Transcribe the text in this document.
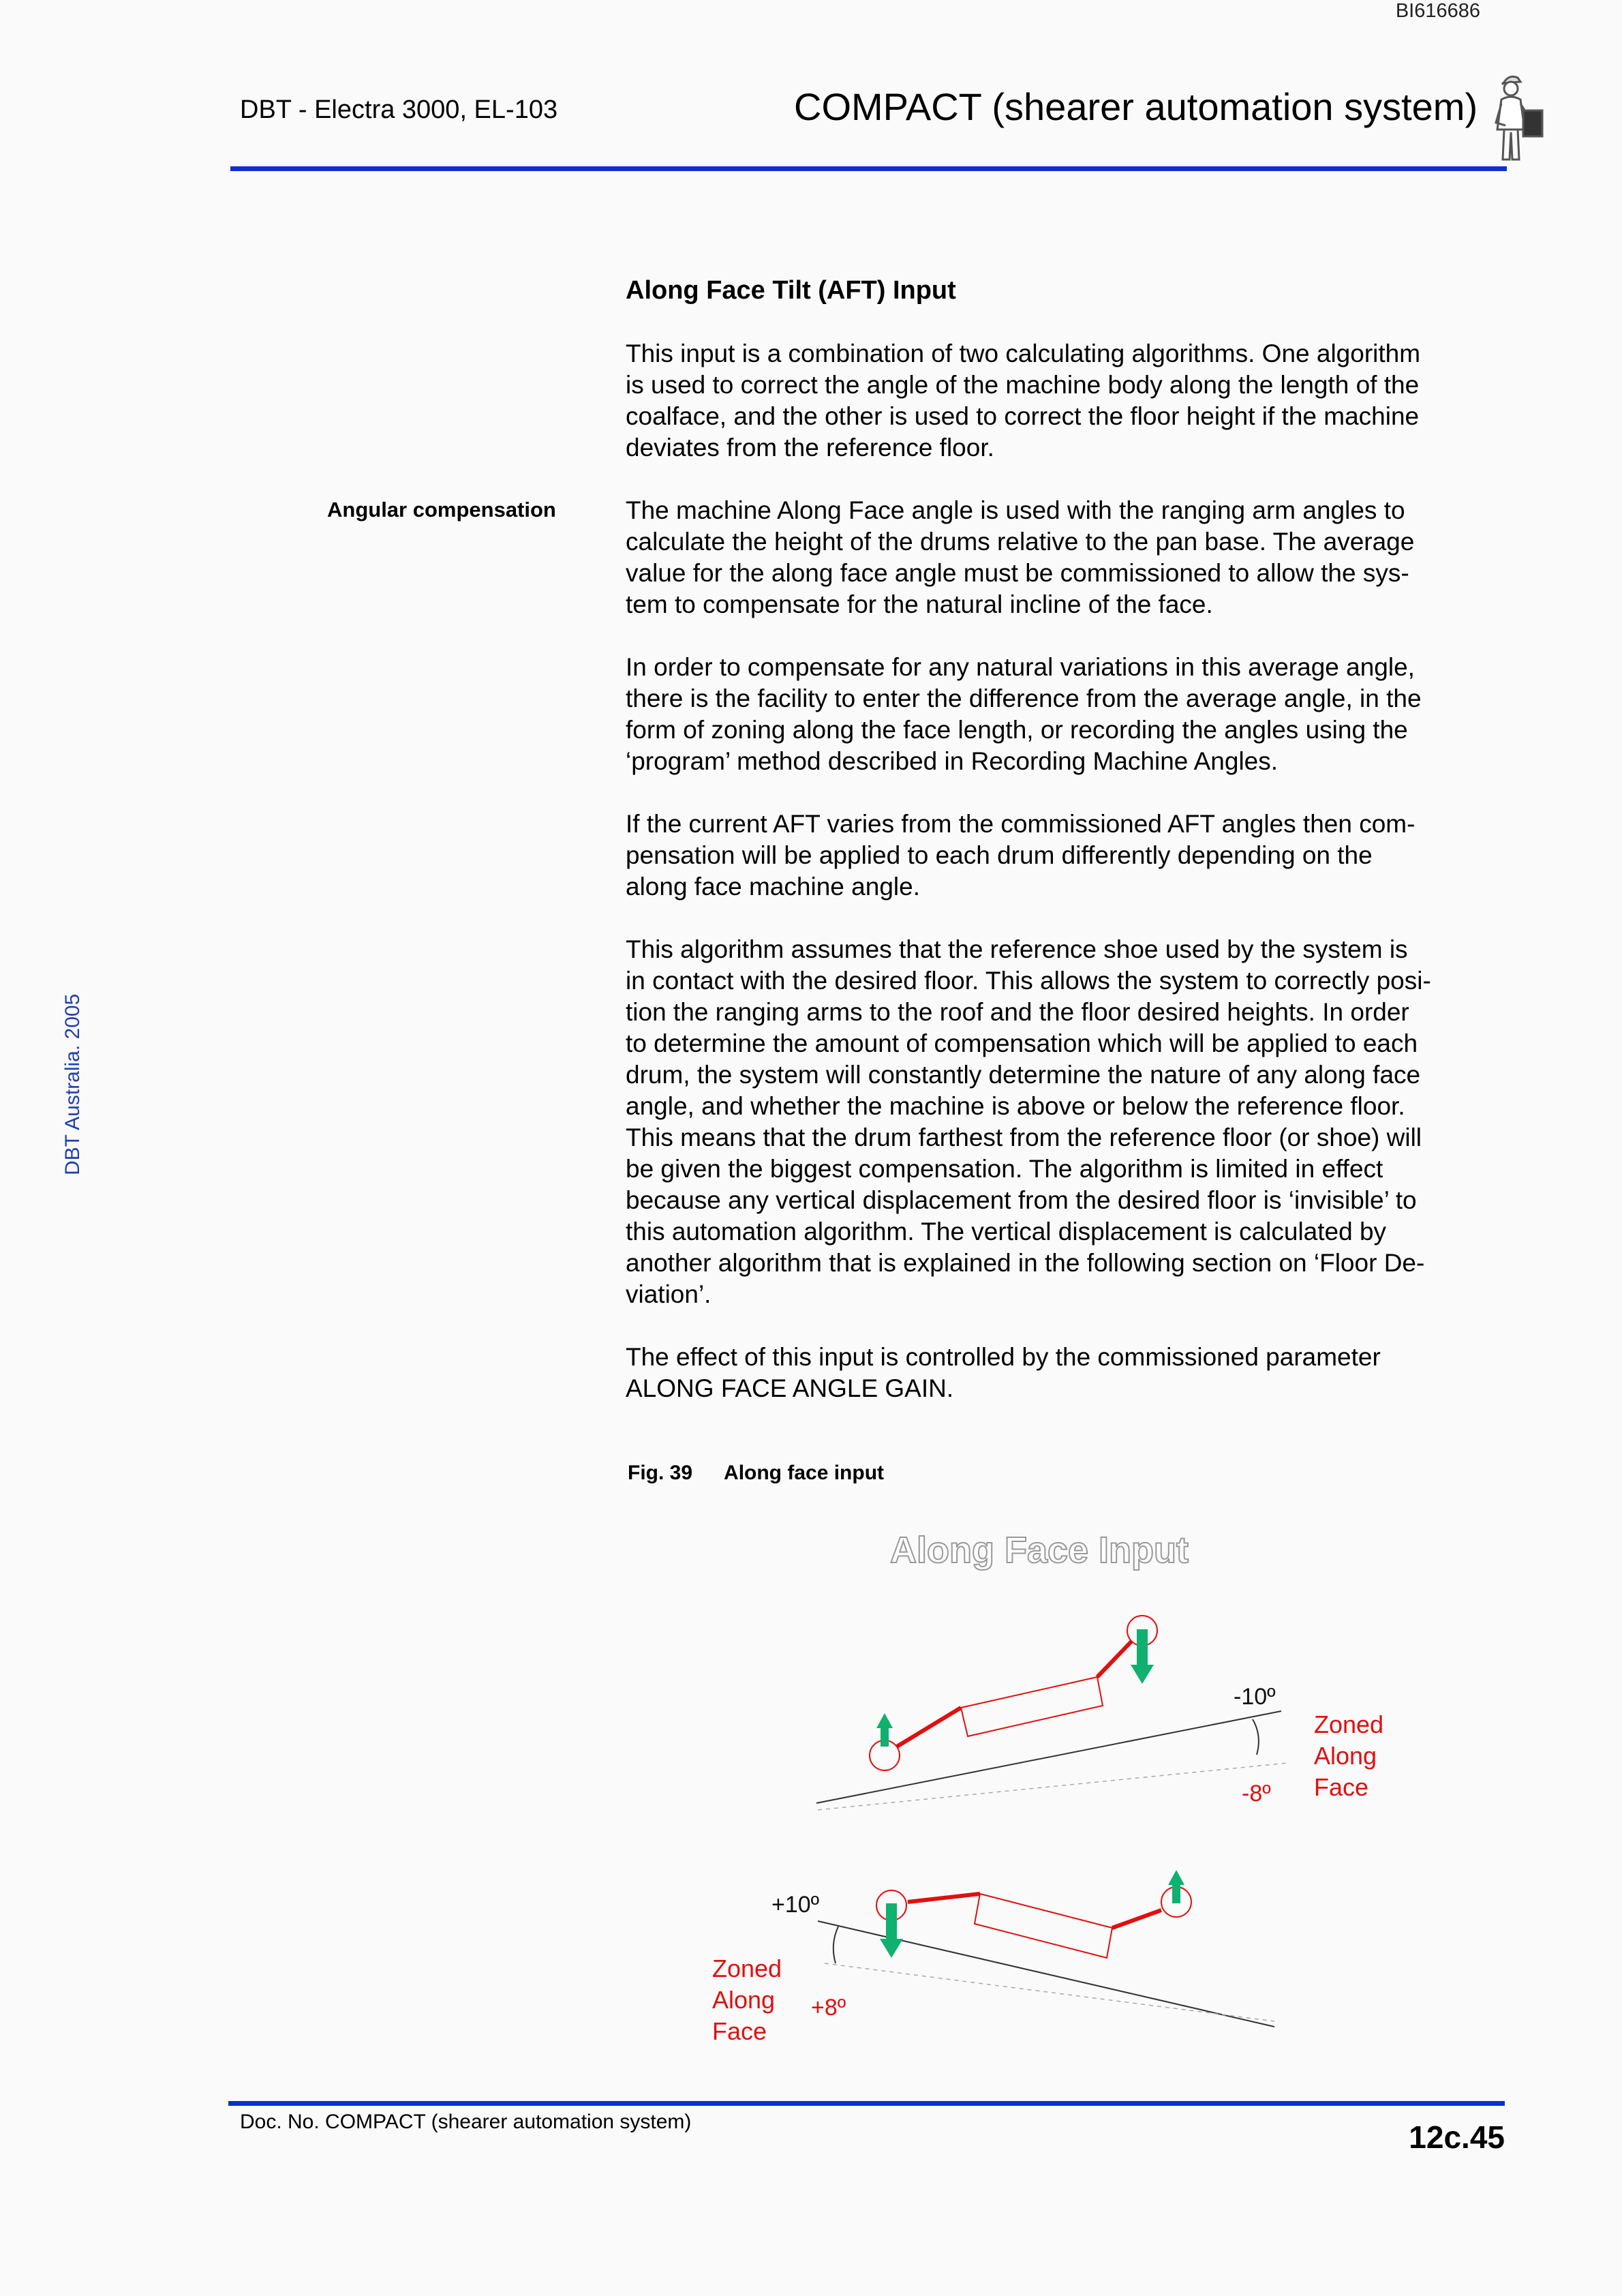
BI616686
DBT - Electra 3000, EL-103	COMPACT (shearer automation system)
DBT Australia. 2005
Along Face Tilt (AFT) Input
Angular compensation
This input is a combination of two calculating algorithms. One algorithm
is used to correct the angle of the machine body along the length of the
coalface, and the other is used to correct the floor height if the machine
deviates from the reference floor.
The machine Along Face angle is used with the ranging arm angles to
calculate the height of the drums relative to the pan base. The average
value for the along face angle must be commissioned to allow the sys-
tem to compensate for the natural incline of the face.
In order to compensate for any natural variations in this average angle,
there is the facility to enter the difference from the average angle, in the
form of zoning along the face length, or recording the angles using the
‘program’ method described in Recording Machine Angles.
If the current AFT varies from the commissioned AFT angles then com-
pensation will be applied to each drum differently depending on the
along face machine angle.
This algorithm assumes that the reference shoe used by the system is
in contact with the desired floor. This allows the system to correctly posi-
tion the ranging arms to the roof and the floor desired heights. In order
to determine the amount of compensation which will be applied to each
drum, the system will constantly determine the nature of any along face
angle, and whether the machine is above or below the reference floor.
This means that the drum farthest from the reference floor (or shoe) will
be given the biggest compensation. The algorithm is limited in effect
because any vertical displacement from the desired floor is ‘invisible’ to
this automation algorithm. The vertical displacement is calculated by
another algorithm that is explained in the following section on ‘Floor De-
viation’.
The effect of this input is controlled by the commissioned parameter
ALONG FACE ANGLE GAIN.
Fig. 39 Along face input
Along Face Input
-10º
-8º
Zoned
Along
Face
+10º
+8º
Zoned
Along
Face
Doc. No. COMPACT (shearer automation system)	12c.45
